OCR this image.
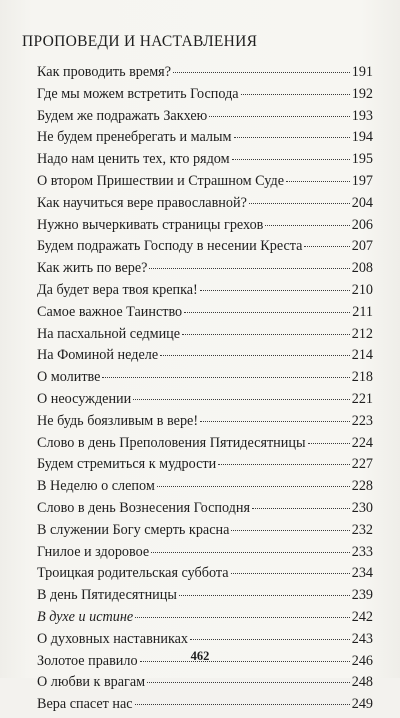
ПРОПОВЕДИ И НАСТАВЛЕНИЯ
Как проводить время?	191
Где мы можем встретить Господа	192
Будем же подражать Закхею	193
Не будем пренебрегать и малым	194
Надо нам ценить тех, кто рядом	195
О втором Пришествии и Страшном Суде	197
Как научиться вере православной?	204
Нужно вычеркивать страницы грехов	206
Будем подражать Господу в несении Креста	207
Как жить по вере?	208
Да будет вера твоя крепка!	210
Самое важное Таинство	211
На пасхальной седмице	212
На Фоминой неделе	214
О молитве	218
О неосуждении	221
Не будь боязливым в вере!	223
Слово в день Преполовения Пятидесятницы	224
Будем стремиться к мудрости	227
В Неделю о слепом	228
Слово в день Вознесения Господня	230
В служении Богу смерть красна	232
Гнилое и здоровое	233
Троицкая родительская суббота	234
В день Пятидесятницы	239
В духе и истине	242
О духовных наставниках	243
Золотое правило	246
О любви к врагам	248
Вера спасет нас	249
462
